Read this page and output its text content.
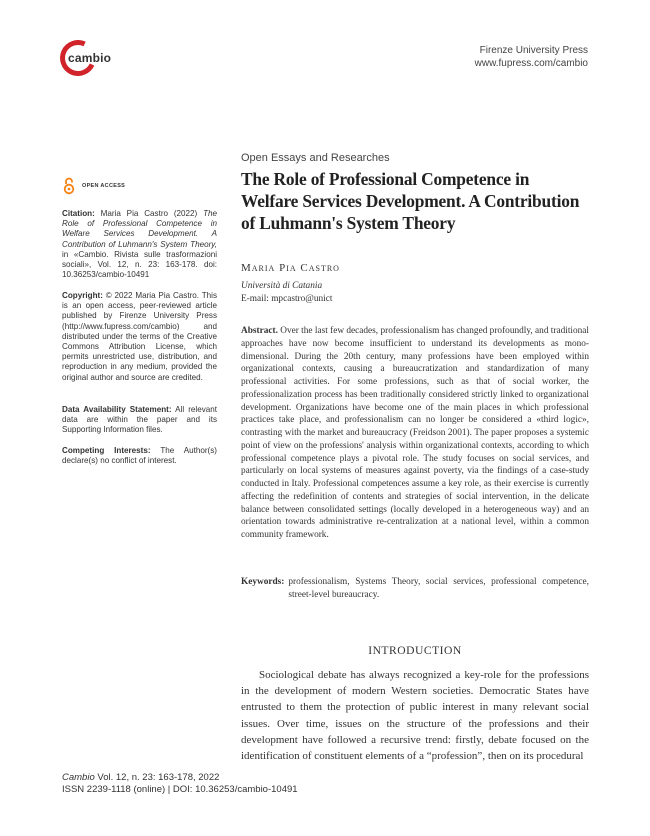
cambio
Firenze University Press
www.fupress.com/cambio
OPEN ACCESS

Citation: Maria Pia Castro (2022) The Role of Professional Competence in Welfare Services Development. A Contribution of Luhmann's System Theory, in «Cambio. Rivista sulle trasformazioni sociali», Vol. 12, n. 23: 163-178. doi: 10.36253/cambio-10491

Copyright: © 2022 Maria Pia Castro. This is an open access, peer-reviewed article published by Firenze University Press (http://www.fupress.com/cambio) and distributed under the terms of the Creative Commons Attribution License, which permits unrestricted use, distribution, and reproduction in any medium, provided the original author and source are credited.

Data Availability Statement: All relevant data are within the paper and its Supporting Information files.

Competing Interests: The Author(s) declare(s) no conflict of interest.

Open Essays and Researches
The Role of Professional Competence in Welfare Services Development. A Contribution of Luhmann's System Theory
Maria Pia Castro
Università di Catania
E-mail: mpcastro@unict

Abstract. Over the last few decades, professionalism has changed profoundly, and traditional approaches have now become insufficient to understand its developments as mono-dimensional. During the 20th century, many professions have been employed within organizational contexts, causing a bureaucratization and standardization of many professional activities. For some professions, such as that of social worker, the professionalization process has been traditionally considered strictly linked to organizational development. Organizations have become one of the main places in which professional practices take place, and professionalism can no longer be considered a «third logic», contrasting with the market and bureaucracy (Freidson 2001). The paper proposes a systemic point of view on the professions' analysis within organizational contexts, according to which professional competence plays a pivotal role. The study focuses on social services, and particularly on local systems of measures against poverty, via the findings of a case-study conducted in Italy. Professional competences assume a key role, as their exercise is currently affecting the redefinition of contents and strategies of social intervention, in the delicate balance between consolidated settings (locally developed in a heterogeneous way) and an orientation towards administrative re-centralization at a national level, within a common community framework.

Keywords: professionalism, Systems Theory, social services, professional competence, street-level bureaucracy.
INTRODUCTION

Sociological debate has always recognized a key-role for the professions in the development of modern Western societies. Democratic States have entrusted to them the protection of public interest in many relevant social issues. Over time, issues on the structure of the professions and their development have followed a recursive trend: firstly, debate focused on the identification of constituent elements of a “profession”, then on its procedural

Cambio Vol. 12, n. 23: 163-178, 2022
ISSN 2239-1118 (online) | DOI: 10.36253/cambio-10491
